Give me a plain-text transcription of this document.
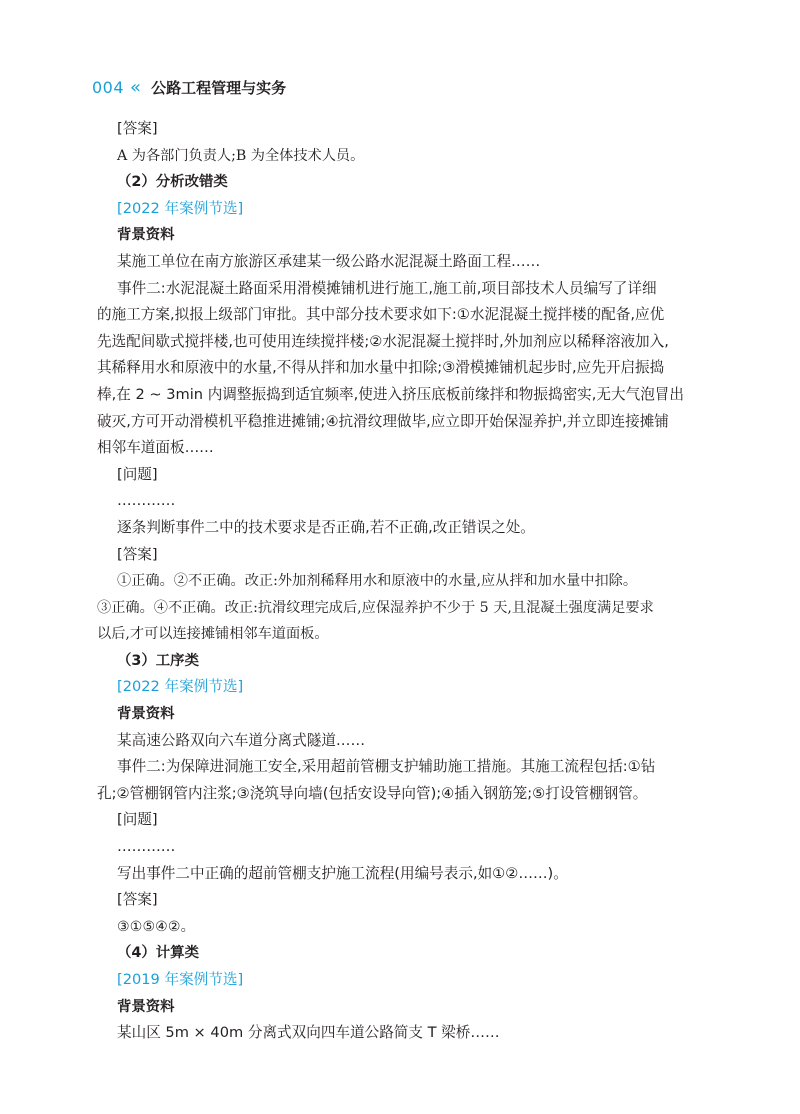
004 « 公路工程管理与实务
[答案]
A 为各部门负责人;B 为全体技术人员。
（2）分析改错类
[2022 年案例节选]
背景资料
某施工单位在南方旅游区承建某一级公路水泥混凝土路面工程……
事件二:水泥混凝土路面采用滑模摊铺机进行施工,施工前,项目部技术人员编写了详细
的施工方案,拟报上级部门审批。其中部分技术要求如下:①水泥混凝土搅拌楼的配备,应优
先选配间歇式搅拌楼,也可使用连续搅拌楼;②水泥混凝土搅拌时,外加剂应以稀释溶液加入,
其稀释用水和原液中的水量,不得从拌和加水量中扣除;③滑模摊铺机起步时,应先开启振捣
棒,在 2 ~ 3min 内调整振捣到适宜频率,使进入挤压底板前缘拌和物振捣密实,无大气泡冒出
破灭,方可开动滑模机平稳推进摊铺;④抗滑纹理做毕,应立即开始保湿养护,并立即连接摊铺
相邻车道面板……
[问题]
…………
逐条判断事件二中的技术要求是否正确,若不正确,改正错误之处。
[答案]
①正确。②不正确。改正:外加剂稀释用水和原液中的水量,应从拌和加水量中扣除。
③正确。④不正确。改正:抗滑纹理完成后,应保湿养护不少于 5 天,且混凝土强度满足要求
以后,才可以连接摊铺相邻车道面板。
（3）工序类
[2022 年案例节选]
背景资料
某高速公路双向六车道分离式隧道……
事件二:为保障进洞施工安全,采用超前管棚支护辅助施工措施。其施工流程包括:①钻
孔;②管棚钢管内注浆;③浇筑导向墙(包括安设导向管);④插入钢筋笼;⑤打设管棚钢管。
[问题]
…………
写出事件二中正确的超前管棚支护施工流程(用编号表示,如①②……)。
[答案]
③①⑤④②。
（4）计算类
[2019 年案例节选]
背景资料
某山区 5m × 40m 分离式双向四车道公路简支 T 梁桥……
